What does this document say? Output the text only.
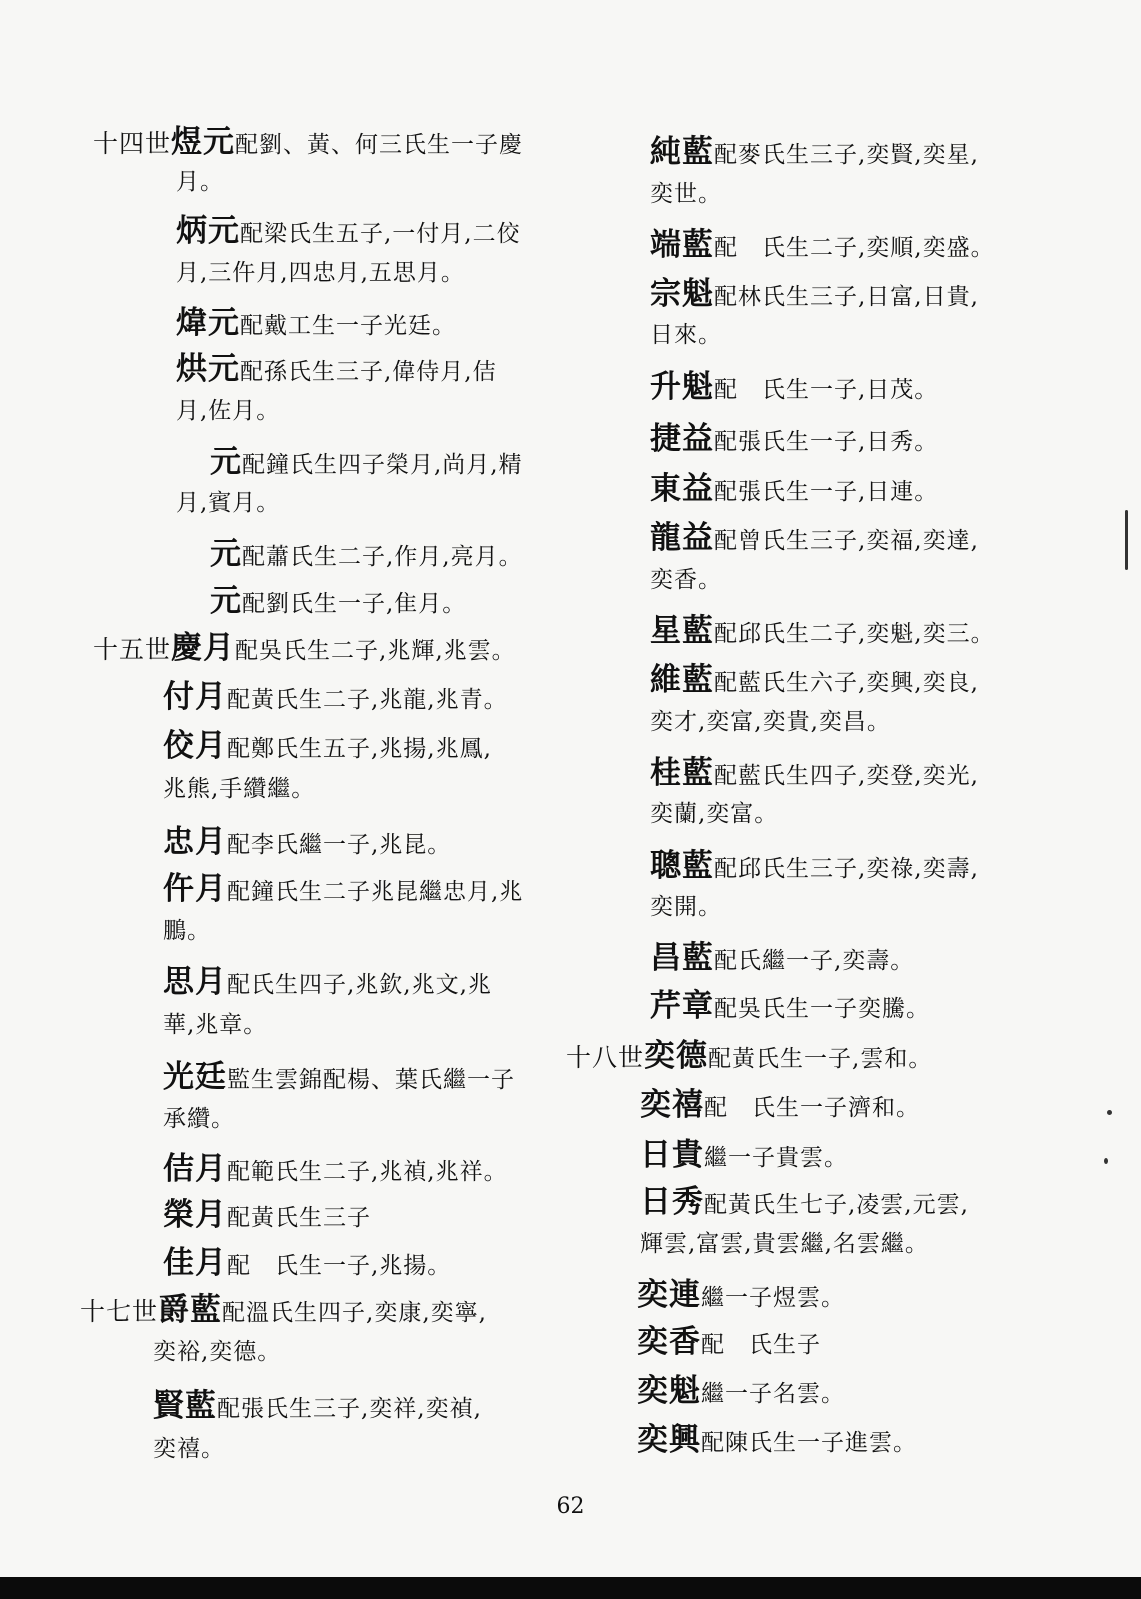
十四世煜元配劉、黃、何三氏生一子慶
月。
炳元配梁氏生五子,⼀付月,⼆佼
月,三仵月,四忠月,五思月。
煒元配戴工生一子光廷。
烘元配孫氏生三子,偉侍月,佶
月,佐月。
元配鐘氏生四子榮月,尚月,精
月,賓月。
元配蕭氏生二子,作月,亮月。
元配劉氏生一子,隹月。
十五世慶月配吳氏生二子,兆輝,兆雲。
付月配黃氏生二子,兆龍,兆青。
佼月配鄭氏生五子,兆揚,兆鳳,
兆熊,手纘繼。
忠月配李氏繼一子,兆昆。
仵月配鐘氏生二子兆昆繼忠月,兆
鵬。
思月配氏生四子,兆欽,兆文,兆
華,兆章。
光廷監生雲錦配楊、葉氏繼一子
承纘。
佶月配範氏生二子,兆禎,兆祥。
榮月配黃氏生三子
佳月配　氏生一子,兆揚。
十七世爵藍配溫氏生四子,奕康,奕寧,
奕裕,奕德。
賢藍配張氏生三子,奕祥,奕禎,
奕禧。
純藍配麥氏生三子,奕賢,奕星,
奕世。
端藍配　氏生二子,奕順,奕盛。
宗魁配林氏生三子,日富,日貴,
日來。
升魁配　氏生一子,日茂。
捷益配張氏生一子,日秀。
東益配張氏生一子,日連。
龍益配曾氏生三子,奕福,奕達,
奕香。
星藍配邱氏生二子,奕魁,奕三。
維藍配藍氏生六子,奕興,奕良,
奕才,奕富,奕貴,奕昌。
桂藍配藍氏生四子,奕登,奕光,
奕蘭,奕富。
聰藍配邱氏生三子,奕祿,奕壽,
奕開。
昌藍配氏繼一子,奕壽。
芹章配吳氏生一子奕騰。
十八世奕德配黃氏生一子,雲和。
奕禧配　氏生一子濟和。
日貴繼一子貴雲。
日秀配黃氏生七子,凌雲,元雲,
輝雲,富雲,貴雲繼,名雲繼。
奕連繼一子煜雲。
奕香配　氏生子
奕魁繼一子名雲。
奕興配陳氏生一子進雲。
62
